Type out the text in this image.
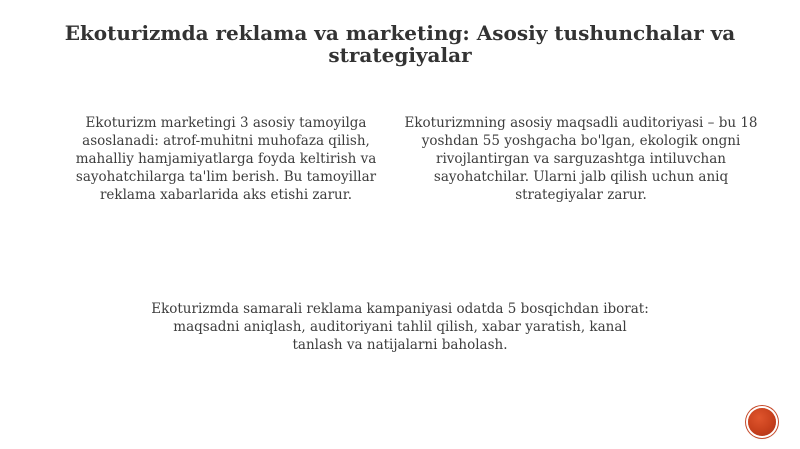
Ekoturizmda reklama va marketing: Asosiy tushunchalar va strategiyalar

Ekoturizm marketingi 3 asosiy tamoyilga asoslanadi: atrof-muhitni muhofaza qilish, mahalliy hamjamiyatlarga foyda keltirish va sayohatchilarga ta'lim berish. Bu tamoyillar reklama xabarlarida aks etishi zarur.

Ekoturizmning asosiy maqsadli auditoriyasi – bu 18 yoshdan 55 yoshgacha bo'lgan, ekologik ongni rivojlantirgan va sarguzashtga intiluvchan sayohatchilar. Ularni jalb qilish uchun aniq strategiyalar zarur.

Ekoturizmda samarali reklama kampaniyasi odatda 5 bosqichdan iborat: maqsadni aniqlash, auditoriyani tahlil qilish, xabar yaratish, kanal tanlash va natijalarni baholash.
